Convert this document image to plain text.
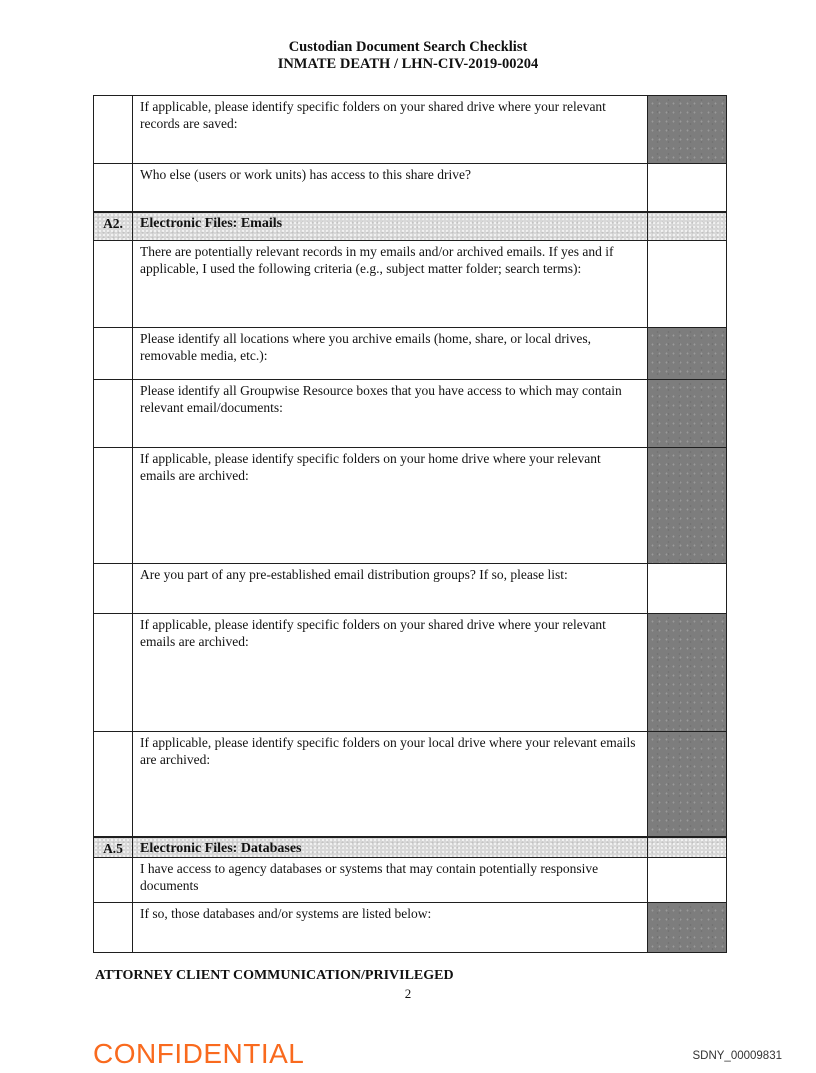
Custodian Document Search Checklist
INMATE DEATH / LHN-CIV-2019-00204
If applicable, please identify specific folders on your shared drive where your relevant records are saved:
Who else (users or work units) has access to this share drive?
A2.	Electronic Files: Emails
There are potentially relevant records in my emails and/or archived emails. If yes and if applicable, I used the following criteria (e.g., subject matter folder; search terms):
Please identify all locations where you archive emails (home, share, or local drives, removable media, etc.):
Please identify all Groupwise Resource boxes that you have access to which may contain relevant email/documents:
If applicable, please identify specific folders on your home drive where your relevant emails are archived:
Are you part of any pre-established email distribution groups? If so, please list:
If applicable, please identify specific folders on your shared drive where your relevant emails are archived:
If applicable, please identify specific folders on your local drive where your relevant emails are archived:
A.5	Electronic Files: Databases
I have access to agency databases or systems that may contain potentially responsive documents
If so, those databases and/or systems are listed below:
ATTORNEY CLIENT COMMUNICATION/PRIVILEGED
2
CONFIDENTIAL	SDNY_00009831
